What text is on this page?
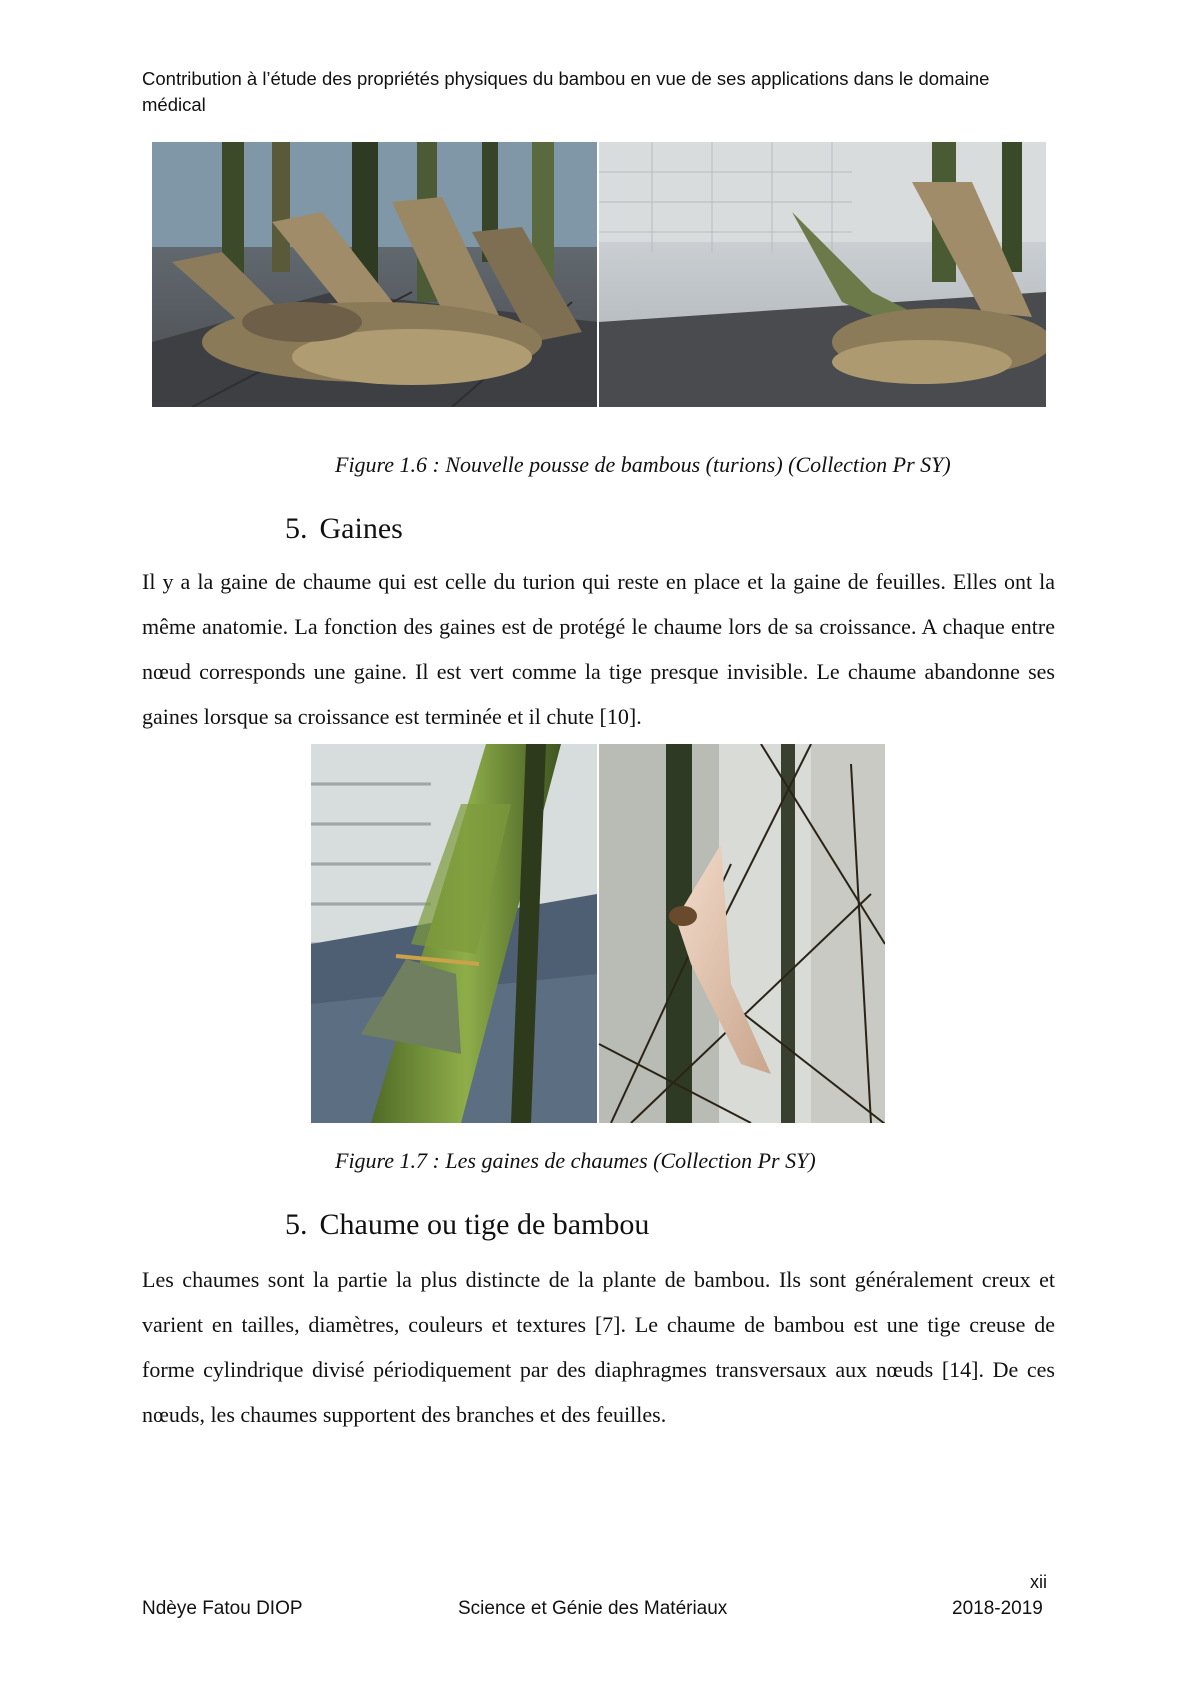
Contribution à l’étude des propriétés physiques du bambou en vue de ses applications dans le domaine médical
Figure 1.6 : Nouvelle pousse de bambous (turions) (Collection Pr SY)
5. Gaines

Il y a la gaine de chaume qui est celle du turion qui reste en place et la gaine de feuilles. Elles ont la même anatomie. La fonction des gaines est de protégé le chaume lors de sa croissance. A chaque entre nœud corresponds une gaine. Il est vert comme la tige presque invisible. Le chaume abandonne ses gaines lorsque sa croissance est terminée et il chute [10].

Figure 1.7 : Les gaines de chaumes (Collection Pr SY)
5. Chaume ou tige de bambou

Les chaumes sont la partie la plus distincte de la plante de bambou. Ils sont généralement creux et varient en tailles, diamètres, couleurs et textures [7]. Le chaume de bambou est une tige creuse de forme cylindrique divisé périodiquement par des diaphragmes transversaux aux nœuds [14]. De ces nœuds, les chaumes supportent des branches et des feuilles.

xii
Ndèye Fatou DIOP	Science et Génie des Matériaux	2018-2019
